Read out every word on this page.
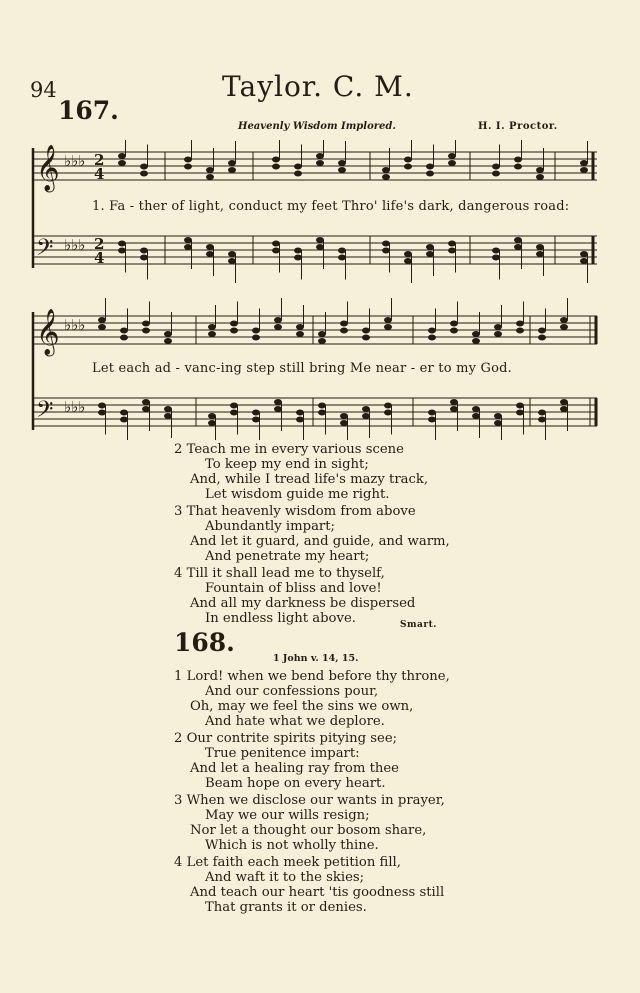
94	Taylor. C. M.
167.
Heavenly Wisdom Implored.	H. I. Proctor.
𝄞
𝄢
♭♭♭
♭♭♭
2
4
2
4
𝄞
𝄢
♭♭♭
♭♭♭
1. Fa - ther of light, conduct my feet Thro' life's dark, dangerous road:
Let each ad - vanc-ing step still bring Me near - er to my God.
2 Teach me in every various scene
To keep my end in sight;
And, while I tread life's mazy track,
Let wisdom guide me right.
3 That heavenly wisdom from above
Abundantly impart;
And let it guard, and guide, and warm,
And penetrate my heart;
4 Till it shall lead me to thyself,
Fountain of bliss and love!
And all my darkness be dispersed
In endless light above.	Smart.
168.
1 John v. 14, 15.
1 Lord! when we bend before thy throne,
And our confessions pour,
Oh, may we feel the sins we own,
And hate what we deplore.
2 Our contrite spirits pitying see;
True penitence impart:
And let a healing ray from thee
Beam hope on every heart.
3 When we disclose our wants in prayer,
May we our wills resign;
Nor let a thought our bosom share,
Which is not wholly thine.
4 Let faith each meek petition fill,
And waft it to the skies;
And teach our heart 'tis goodness still
That grants it or denies.
